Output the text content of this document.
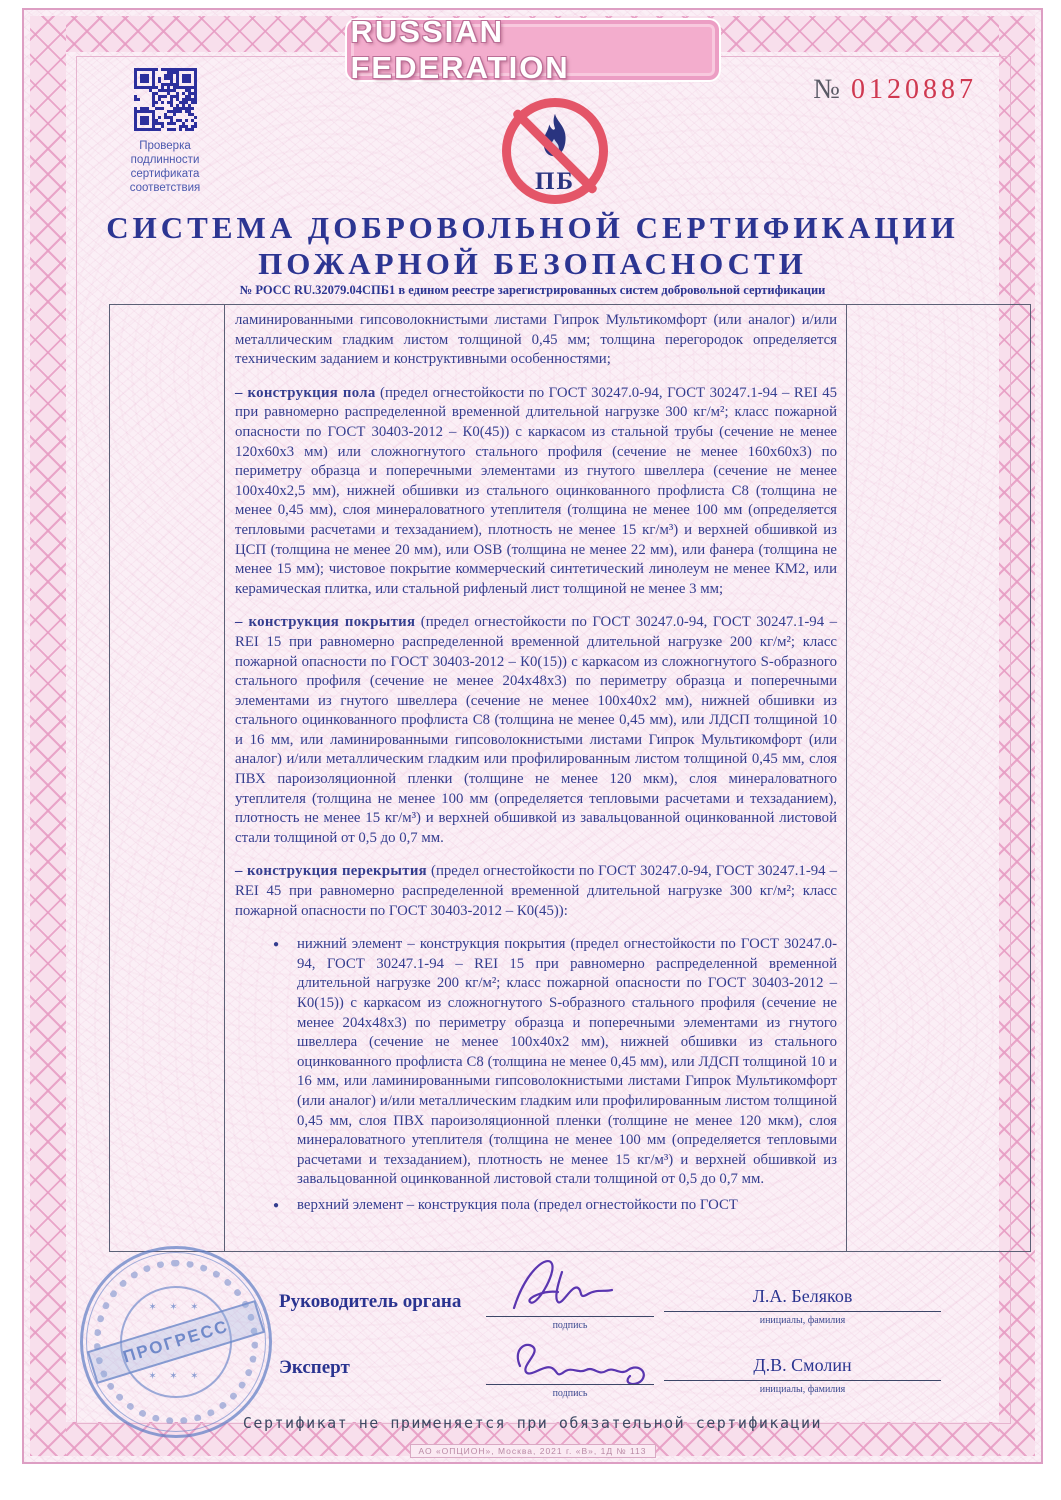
RUSSIAN FEDERATION
Проверка подлинности сертификата соответствия
№ 0120887
ПБ
СИСТЕМА ДОБРОВОЛЬНОЙ СЕРТИФИКАЦИИ
ПОЖАРНОЙ БЕЗОПАСНОСТИ
№ РОСС RU.32079.04СПБ1 в едином реестре зарегистрированных систем добровольной сертификации
ламинированными гипсоволокнистыми листами Гипрок Мультикомфорт (или аналог) и/или металлическим гладким листом толщиной 0,45 мм; толщина перегородок определяется техническим заданием и конструктивными особенностями;
– конструкция пола (предел огнестойкости по ГОСТ 30247.0-94, ГОСТ 30247.1-94 – REI 45 при равномерно распределенной временной длительной нагрузке 300 кг/м²; класс пожарной опасности по ГОСТ 30403-2012 – К0(45)) с каркасом из стальной трубы (сечение не менее 120х60х3 мм) или сложногнутого стального профиля (сечение не менее 160х60х3) по периметру образца и поперечными элементами из гнутого швеллера (сечение не менее 100х40х2,5 мм), нижней обшивки из стального оцинкованного профлиста С8 (толщина не менее 0,45 мм), слоя минераловатного утеплителя (толщина не менее 100 мм (определяется тепловыми расчетами и техзаданием), плотность не менее 15 кг/м³) и верхней обшивкой из ЦСП (толщина не менее 20 мм), или OSB (толщина не менее 22 мм), или фанера (толщина не менее 15 мм); чистовое покрытие коммерческий синтетический линолеум не менее КМ2, или керамическая плитка, или стальной рифленый лист толщиной не менее 3 мм;
– конструкция покрытия (предел огнестойкости по ГОСТ 30247.0-94, ГОСТ 30247.1-94 – REI 15 при равномерно распределенной временной длительной нагрузке 200 кг/м²; класс пожарной опасности по ГОСТ 30403-2012 – К0(15)) с каркасом из сложногнутого S-образного стального профиля (сечение не менее 204х48х3) по периметру образца и поперечными элементами из гнутого швеллера (сечение не менее 100х40х2 мм), нижней обшивки из стального оцинкованного профлиста С8 (толщина не менее 0,45 мм), или ЛДСП толщиной 10 и 16 мм, или ламинированными гипсоволокнистыми листами Гипрок Мультикомфорт (или аналог) и/или металлическим гладким или профилированным листом толщиной 0,45 мм, слоя ПВХ пароизоляционной пленки (толщине не менее 120 мкм), слоя минераловатного утеплителя (толщина не менее 100 мм (определяется тепловыми расчетами и техзаданием), плотность не менее 15 кг/м³) и верхней обшивкой из завальцованной оцинкованной листовой стали толщиной от 0,5 до 0,7 мм.
– конструкция перекрытия (предел огнестойкости по ГОСТ 30247.0-94, ГОСТ 30247.1-94 – REI 45 при равномерно распределенной временной длительной нагрузке 300 кг/м²; класс пожарной опасности по ГОСТ 30403-2012 – К0(45)):
● нижний элемент – конструкция покрытия (предел огнестойкости по ГОСТ 30247.0-94, ГОСТ 30247.1-94 – REI 15 при равномерно распределенной временной длительной нагрузке 200 кг/м²; класс пожарной опасности по ГОСТ 30403-2012 – К0(15)) с каркасом из сложногнутого S-образного стального профиля (сечение не менее 204х48х3) по периметру образца и поперечными элементами из гнутого швеллера (сечение не менее 100х40х2 мм), нижней обшивки из стального оцинкованного профлиста С8 (толщина не менее 0,45 мм), или ЛДСП толщиной 10 и 16 мм, или ламинированными гипсоволокнистыми листами Гипрок Мультикомфорт (или аналог) и/или металлическим гладким или профилированным листом толщиной 0,45 мм, слоя ПВХ пароизоляционной пленки (толщине не менее 120 мкм), слоя минераловатного утеплителя (толщина не менее 100 мм (определяется тепловыми расчетами и техзаданием), плотность не менее 15 кг/м³) и верхней обшивкой из завальцованной оцинкованной листовой стали толщиной от 0,5 до 0,7 мм.
● верхний элемент – конструкция пола (предел огнестойкости по ГОСТ
✶ ✶ ✶
ПРОГРЕСС
✶ ✶ ✶
Руководитель органа
подпись
Л.А. Беляков
инициалы, фамилия
Эксперт
подпись
Д.В. Смолин
инициалы, фамилия
Сертификат не применяется при обязательной сертификации
АО «ОПЦИОН», Москва, 2021 г. «В», 1Д № 113
